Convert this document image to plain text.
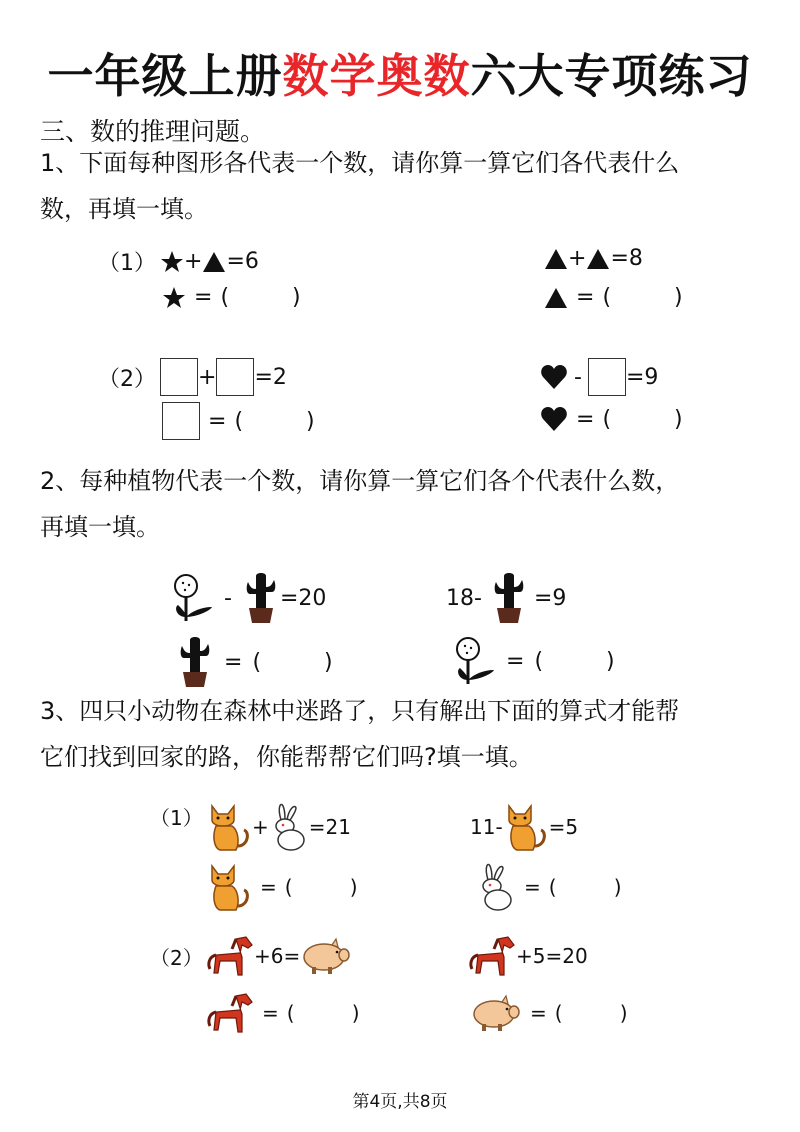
一年级上册数学奥数六大专项练习
三、数的推理问题。
1、下面每种图形各代表一个数，请你算一算它们各代表什么
数，再填一填。
（1） + =6
= (         )
+ =8
= (         )
（2） + =2
= (         )
- =9
= (         )
2、每种植物代表一个数，请你算一算它们各个代表什么数，
再填一填。
- =20	18- =9
= (         )	= (         )
3、四只小动物在森林中迷路了，只有解出下面的算式才能帮
它们找到回家的路，你能帮帮它们吗?填一填。
（1） + =21
= (         )
11- =5
= (         )
（2）	+6=
= (         )
+5=20
= (         )
第4页,共8页
